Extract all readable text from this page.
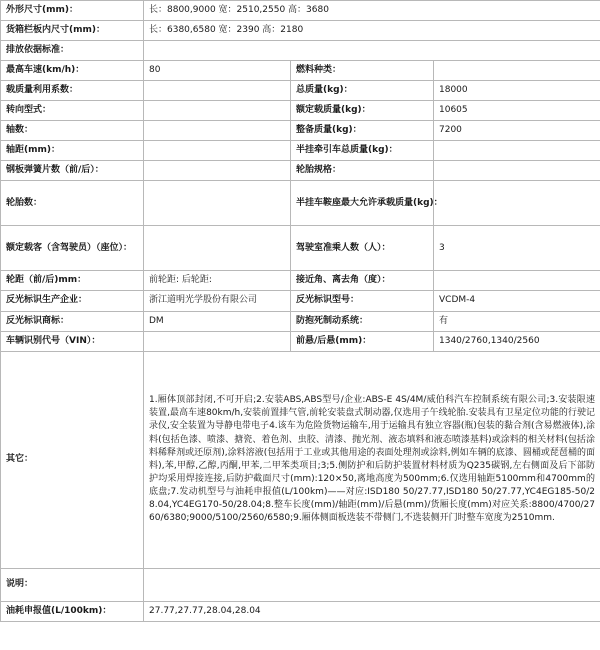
外形尺寸(mm)：	长：8800,9000 宽：2510,2550 高：3680		
货箱栏板内尺寸(mm)：	长：6380,6580 宽：2390 高：2180		
排放依据标准：			
最高车速(km/h)：	80	燃料种类：	
载质量利用系数：		总质量(kg)：	18000
转向型式：		额定载质量(kg)：	10605
轴数：		整备质量(kg)：	7200
轴距(mm)：		半挂牵引车总质量(kg)：	
钢板弹簧片数（前/后）：		轮胎规格：	
轮胎数：		半挂车鞍座最大允许承载质量(kg)：	
额定载客（含驾驶员）（座位）：		驾驶室准乘人数（人）：	3
轮距（前/后)mm：	前轮距: 后轮距:	接近角、离去角（度）：	
反光标识生产企业：	浙江道明光学股份有限公司	反光标识型号：	VCDM-4
反光标识商标：	DM	防抱死制动系统：	有
车辆识别代号（VIN）：		前悬/后悬(mm)：	1340/2760,1340/2560
其它：	1.厢体顶部封闭,不可开启;2.安装ABS,ABS型号/企业:ABS-E 4S/4M/威伯科汽车控制系统有限公司;3.安装限速装置,最高车速80km/h,安装前置排气管,前轮安装盘式制动器,仅选用子午线轮胎.安装具有卫星定位功能的行驶记录仪,安全装置为导静电带电子4.该车为危险货物运输车,用于运输具有独立容器(瓶)包装的黏合剂(含易燃液体),涂料(包括色漆、喷漆、搪瓷、着色剂、虫胶、清漆、抛光剂、液态填料和液态喷漆基料)或涂料的相关材料(包括涂料稀释剂或还原剂),涂料溶液(包括用于工业或其他用途的表面处理剂或涂料,例如车辆的底漆、圆桶或琵琶桶的面料),苯,甲醇,乙醇,丙酮,甲苯,二甲苯类项目;3;5.侧防护和后防护装置材料材质为Q235碳钢,左右侧面及后下部防护均采用焊接连接,后防护截面尺寸(mm):120×50,离地高度为500mm;6.仅选用轴距5100mm和4700mm的底盘;7.发动机型号与油耗申报值(L/100km)——对应:ISD180 50/27.77,ISD180 50/27.77,YC4EG185-50/28.04,YC4EG170-50/28.04;8.整车长度(mm)/轴距(mm)/后悬(mm)/货厢长度(mm)对应关系:8800/4700/2760/6380;9000/5100/2560/6580;9.厢体侧面板选装不带侧门,不选装侧开门时整车宽度为2510mm.		
说明：			
油耗申报值(L/100km)：	27.77,27.77,28.04,28.04		
